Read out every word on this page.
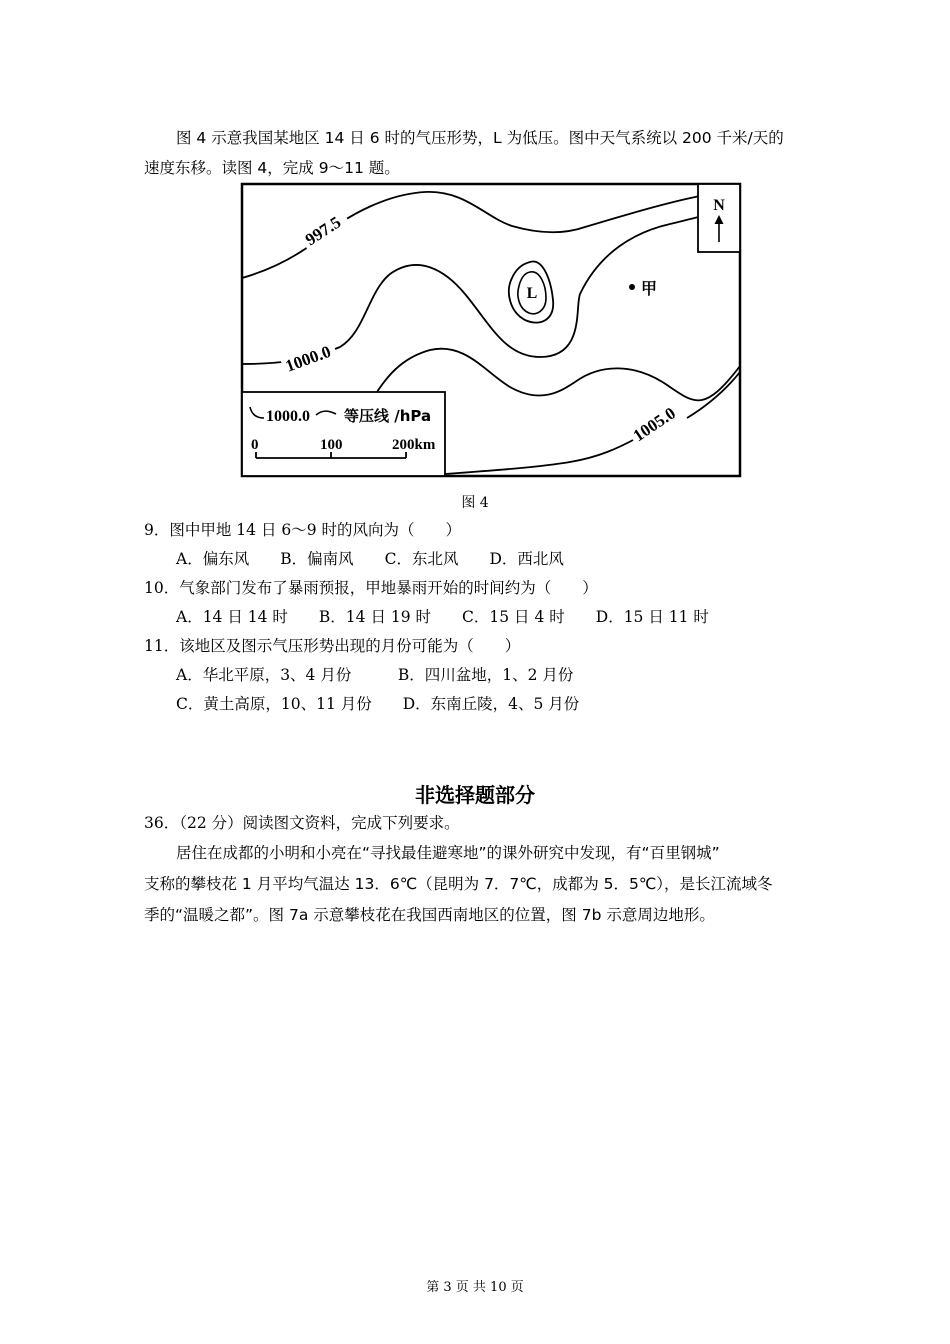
图 4 示意我国某地区 14 日 6 时的气压形势，L 为低压。图中天气系统以 200 千米/天的
速度东移。读图 4，完成 9～11 题。
L	甲
N
997.5
1000.0
1005.0
1000.0 等压线 /hPa
0	100	200km
图 4
9．图中甲地 14 日 6～9 时的风向为（　　）
A．偏东风　　B．偏南风　　C．东北风　　D．西北风
10．气象部门发布了暴雨预报，甲地暴雨开始的时间约为（　　）
A．14 日 14 时　　B．14 日 19 时　　C．15 日 4 时　　D．15 日 11 时
11．该地区及图示气压形势出现的月份可能为（　　）
A．华北平原，3、4 月份　　　B．四川盆地，1、2 月份
C．黄土高原，10、11 月份　　D．东南丘陵，4、5 月份
非选择题部分
36．（22 分）阅读图文资料，完成下列要求。
居住在成都的小明和小亮在“寻找最佳避寒地”的课外研究中发现，有“百里钢城”
支称的攀枝花 1 月平均气温达 13．6℃（昆明为 7．7℃，成都为 5．5℃），是长江流域冬
季的“温暖之都”。图 7a 示意攀枝花在我国西南地区的位置，图 7b 示意周边地形。
第 3 页 共 10 页
